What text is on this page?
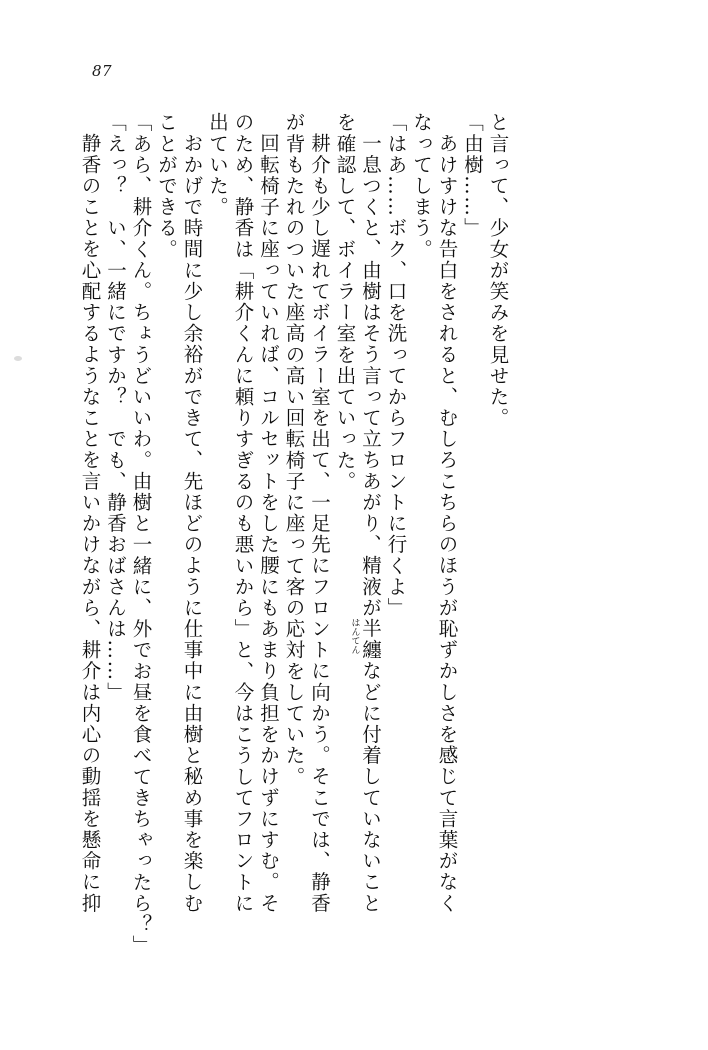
87
静香のことを心配するようなことを言いかけながら、耕介は内心の動揺を懸命に抑 「えっ？　い、一緒にですか？　でも、静香おばさんは……」 「あら、耕介くん。ちょうどいいわ。由樹と一緒に、外でお昼を食べてきちゃったら？」 ことができる。 おかげで時間に少し余裕ができて、先ほどのように仕事中に由樹と秘め事を楽しむ 出ていた。 のため、静香は「耕介くんに頼りすぎるのも悪いから」と、今はこうしてフロントに 回転椅子に座っていれば、コルセットをした腰にもあまり負担をかけずにすむ。そ が背もたれのついた座高の高い回転椅子に座って客の応対をしていた。 耕介も少し遅れてボイラー室を出て、一足先にフロントに向かう。そこでは、静香 を確認して、ボイラー室を出ていった。 一息つくと、由樹はそう言って立ちあがり、精液が半纏
はんてん
などに付着していないこと
「はあ……ボク、口を洗ってからフロントに行くよ」 なってしまう。 あけすけな告白をされると、むしろこちらのほうが恥ずかしさを感じて言葉がなく 「由樹……」 と言って、少女が笑みを見せた。
